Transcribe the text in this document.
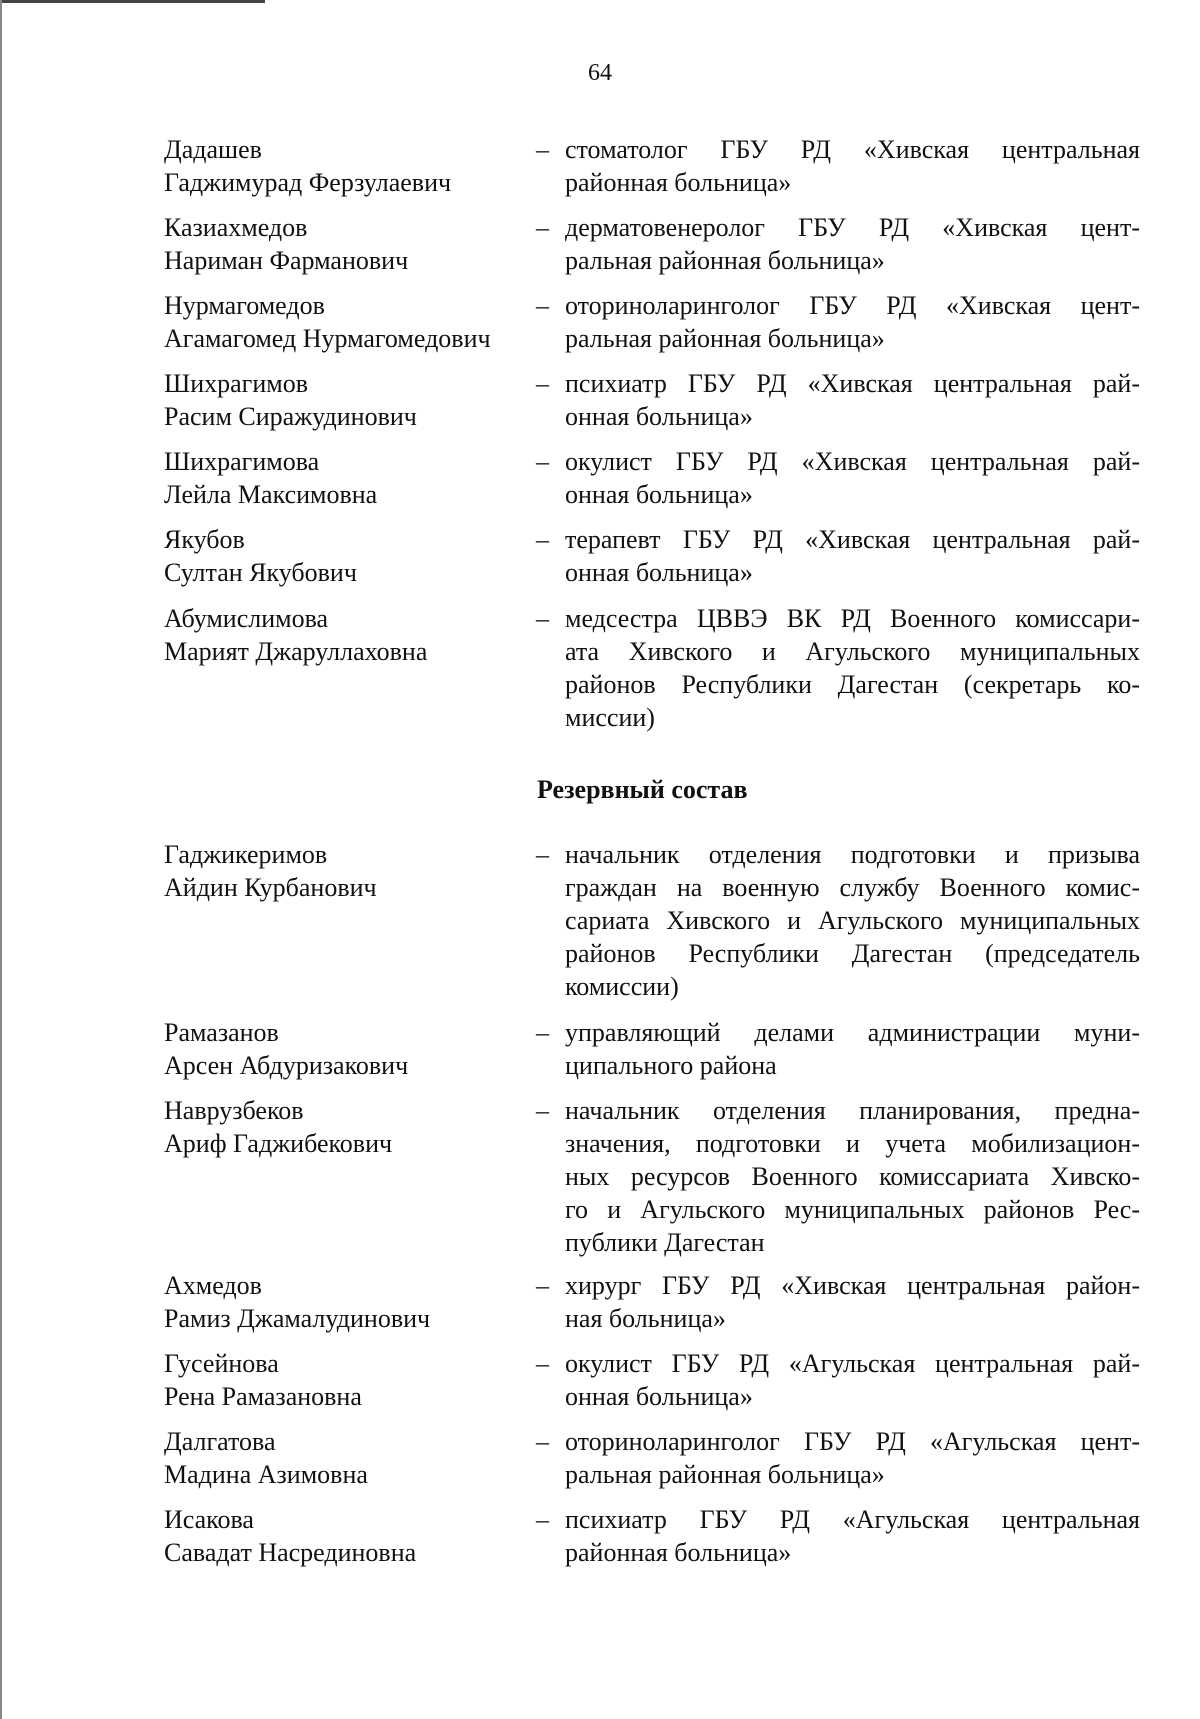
64
Дадашев
Гаджимурад Ферзулаевич
– стоматолог ГБУ РД «Хивская центральная
районная больница»
Казиахмедов
Нариман Фарманович
– дерматовенеролог ГБУ РД «Хивская цент-
ральная районная больница»
Нурмагомедов
Агамагомед Нурмагомедович
– оториноларинголог ГБУ РД «Хивская цент-
ральная районная больница»
Шихрагимов
Расим Сиражудинович
– психиатр ГБУ РД «Хивская центральная рай-
онная больница»
Шихрагимова
Лейла Максимовна
– окулист ГБУ РД «Хивская центральная рай-
онная больница»
Якубов
Султан Якубович
– терапевт ГБУ РД «Хивская центральная рай-
онная больница»
Абумислимова
Марият Джаруллаховна
– медсестра ЦВВЭ ВК РД Военного комиссари-
ата Хивского и Агульского муниципальных
районов Республики Дагестан (секретарь ко-
миссии)
Резервный состав
Гаджикеримов
Айдин Курбанович
– начальник отделения подготовки и призыва
граждан на военную службу Военного комис-
сариата Хивского и Агульского муниципальных
районов Республики Дагестан (председатель
комиссии)
Рамазанов
Арсен Абдуризакович
– управляющий делами администрации муни-
ципального района
Наврузбеков
Ариф Гаджибекович
– начальник отделения планирования, предна-
значения, подготовки и учета мобилизацион-
ных ресурсов Военного комиссариата Хивско-
го и Агульского муниципальных районов Рес-
публики Дагестан
Ахмедов
Рамиз Джамалудинович
– хирург ГБУ РД «Хивская центральная район-
ная больница»
Гусейнова
Рена Рамазановна
– окулист ГБУ РД «Агульская центральная рай-
онная больница»
Далгатова
Мадина Азимовна
– оториноларинголог ГБУ РД «Агульская цент-
ральная районная больница»
Исакова
Савадат Насрединовна
– психиатр ГБУ РД «Агульская центральная
районная больница»
